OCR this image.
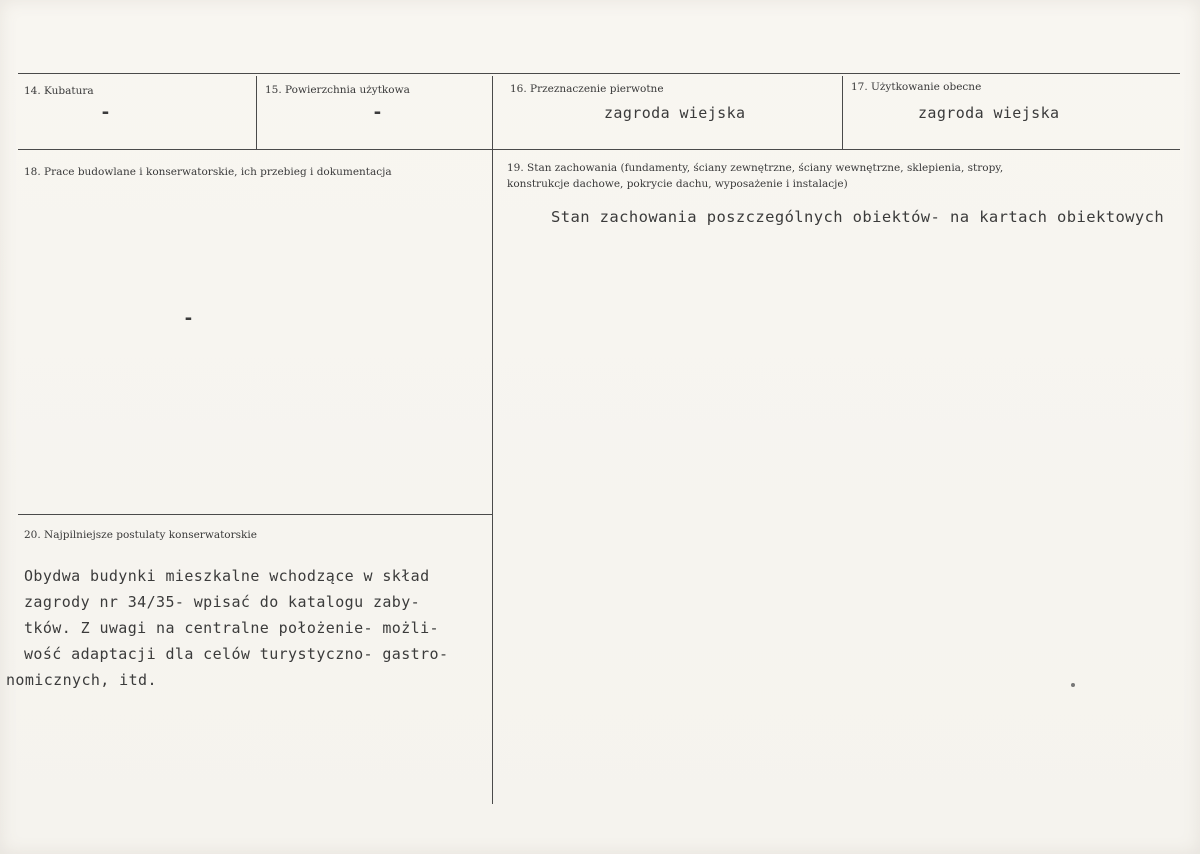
14. Kubatura
-
15. Powierzchnia użytkowa
-
16. Przeznaczenie pierwotne
zagroda wiejska
17. Użytkowanie obecne
zagroda wiejska
18. Prace budowlane i konserwatorskie, ich przebieg i dokumentacja
-
19. Stan zachowania (fundamenty, ściany zewnętrzne, ściany wewnętrzne, sklepienia, stropy,
konstrukcje dachowe, pokrycie dachu, wyposażenie i instalacje)
Stan zachowania poszczególnych obiektów- na kartach obiektowych
20. Najpilniejsze postulaty konserwatorskie
Obydwa budynki mieszkalne wchodzące w skład
zagrody nr 34/35- wpisać do katalogu zaby-
tków. Z uwagi na centralne położenie- możli-
wość adaptacji dla celów turystyczno- gastro-
nomicznych, itd.
